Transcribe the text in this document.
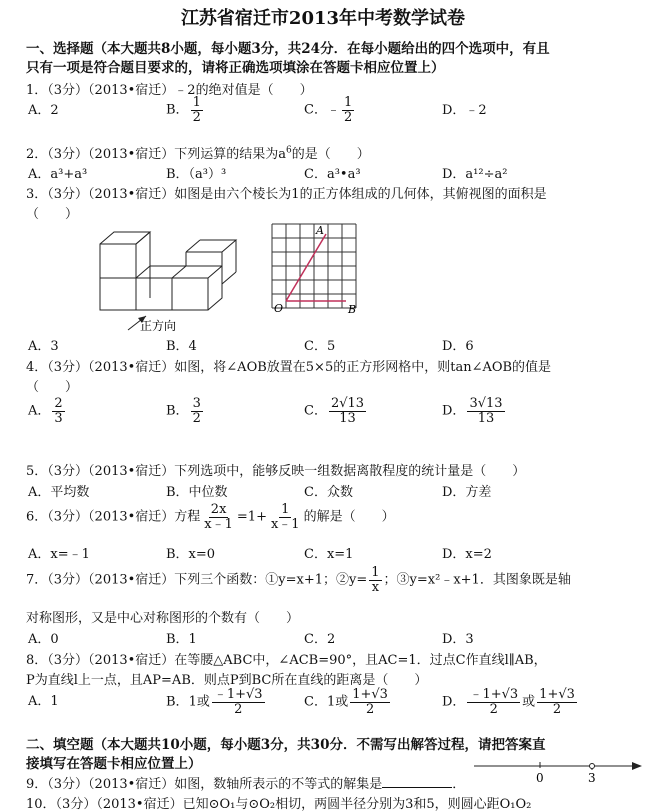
江苏省宿迁市2013年中考数学试卷
一、选择题（本大题共8小题，每小题3分，共24分．在每小题给出的四个选项中，有且
只有一项是符合题目要求的，请将正确选项填涂在答题卡相应位置上）
1．（3分）（2013•宿迁）﹣2的绝对值是（　　）
A．2	B． $\frac{1}{2}$	C．﹣ $\frac{1}{2}$	D．﹣2
2．（3分）（2013•宿迁）下列运算的结果为$a^6$的是（　　）
A．a³+a³	B．（a³）³	C．a³•a³	D．a¹²÷a²
3．（3分）（2013•宿迁）如图是由六个棱长为1的正方体组成的几何体，其俯视图的面积是
（　　）
正方向
A
O	B
A．3	B．4	C．5	D．6
4．（3分）（2013•宿迁）如图，将∠AOB放置在5×5的正方形网格中，则tan∠AOB的值是
（　　）
A． $\frac{2}{3}$	B． $\frac{3}{2}$	C． $\frac{2√13}{13}$	D． $\frac{3√13}{13}$
5．（3分）（2013•宿迁）下列选项中，能够反映一组数据离散程度的统计量是（　　）
A．平均数	B．中位数	C．众数	D．方差
6．（3分）（2013•宿迁）方程 $\frac{2x}{x﹣1} =1+ \frac{1}{x﹣1}$ 的解是（　　）
A．x=﹣1	B．x=0	C．x=1	D．x=2
7．（3分）（2013•宿迁）下列三个函数：①y=x+1；②y= $\frac{1}{x}$ ；③y=x²﹣x+1．其图象既是轴
对称图形，又是中心对称图形的个数有（　　）
A．0	B．1	C．2	D．3
8．（3分）（2013•宿迁）在等腰△ABC中，∠ACB=90°，且AC=1．过点C作直线l∥AB，
P为直线l上一点，且AP=AB．则点P到BC所在直线的距离是（　　）
A．1	B．1或 $\frac{﹣1+√3}{2}$	C．1或 $\frac{1+√3}{2}$	D． $\frac{﹣1+√3}{2}$ 或 $\frac{1+√3}{2}$
二、填空题（本大题共10小题，每小题3分，共30分．不需写出解答过程，请把答案直
接填写在答题卡相应位置上）
9．（3分）（2013•宿迁）如图，数轴所表示的不等式的解集是	．	0	3
10．（3分）（2013•宿迁）已知⊙O₁与⊙O₂相切，两圆半径分别为3和5，则圆心距O₁O₂
